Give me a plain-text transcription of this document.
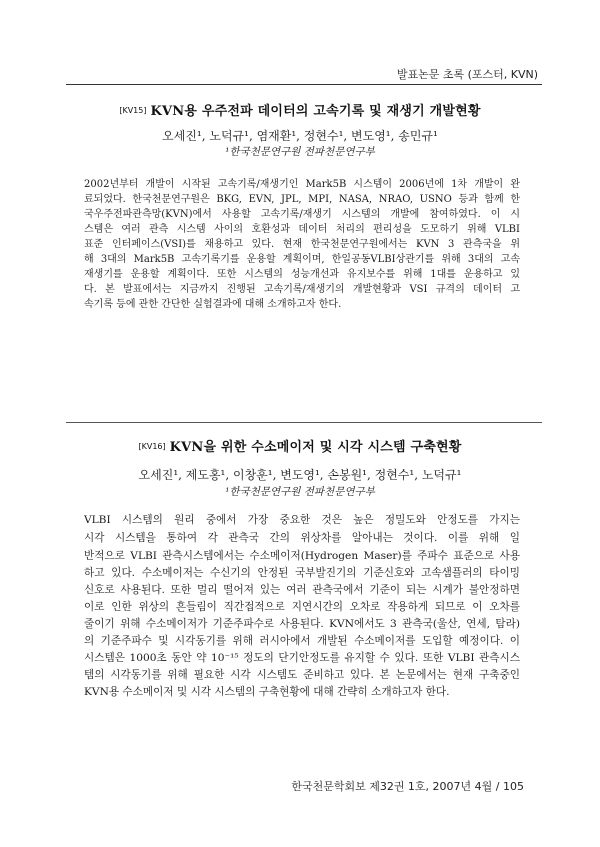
발표논문 초록 (포스터, KVN)
[KV15] KVN용 우주전파 데이터의 고속기록 및 재생기 개발현황
오세진¹, 노덕규¹, 염재환¹, 정현수¹, 변도영¹, 송민규¹
¹한국천문연구원 전파천문연구부
2002년부터 개발이 시작된 고속기록/재생기인 Mark5B 시스템이 2006년에 1차 개발이 완
료되었다. 한국천문연구원은 BKG, EVN, JPL, MPI, NASA, NRAO, USNO 등과 함께 한
국우주전파관측망(KVN)에서 사용할 고속기록/재생기 시스템의 개발에 참여하였다. 이 시
스템은 여러 관측 시스템 사이의 호환성과 데이터 처리의 편리성을 도모하기 위해 VLBI
표준 인터페이스(VSI)를 채용하고 있다. 현재 한국천문연구원에서는 KVN 3 관측국을 위
해 3대의 Mark5B 고속기록기를 운용할 계획이며, 한일공동VLBI상관기를 위해 3대의 고속
재생기를 운용할 계획이다. 또한 시스템의 성능개선과 유지보수를 위해 1대를 운용하고 있
다. 본 발표에서는 지금까지 진행된 고속기록/재생기의 개발현황과 VSI 규격의 데이터 고
속기록 등에 관한 간단한 실험결과에 대해 소개하고자 한다.
[KV16] KVN을 위한 수소메이저 및 시각 시스템 구축현황
오세진¹, 제도홍¹, 이창훈¹, 변도영¹, 손봉원¹, 정현수¹, 노덕규¹
¹한국천문연구원 전파천문연구부
VLBI 시스템의 원리 중에서 가장 중요한 것은 높은 정밀도와 안정도를 가지는
시각 시스템을 통하여 각 관측국 간의 위상차를 알아내는 것이다. 이를 위해 일
반적으로 VLBI 관측시스템에서는 수소메이저(Hydrogen Maser)를 주파수 표준으로 사용
하고 있다. 수소메이저는 수신기의 안정된 국부발진기의 기준신호와 고속샘플러의 타이밍
신호로 사용된다. 또한 멀리 떨어져 있는 여러 관측국에서 기준이 되는 시계가 불안정하면
이로 인한 위상의 흔들림이 직간접적으로 지연시간의 오차로 작용하게 되므로 이 오차를
줄이기 위해 수소메이저가 기준주파수로 사용된다. KVN에서도 3 관측국(울산, 연세, 탐라)
의 기준주파수 및 시각동기를 위해 러시아에서 개발된 수소메이저를 도입할 예정이다. 이
시스템은 1000초 동안 약 10⁻¹⁵ 정도의 단기안정도를 유지할 수 있다. 또한 VLBI 관측시스
템의 시각동기를 위해 필요한 시각 시스템도 준비하고 있다. 본 논문에서는 현재 구축중인
KVN용 수소메이저 및 시각 시스템의 구축현황에 대해 간략히 소개하고자 한다.
한국천문학회보 제32권 1호, 2007년 4월 / 105
